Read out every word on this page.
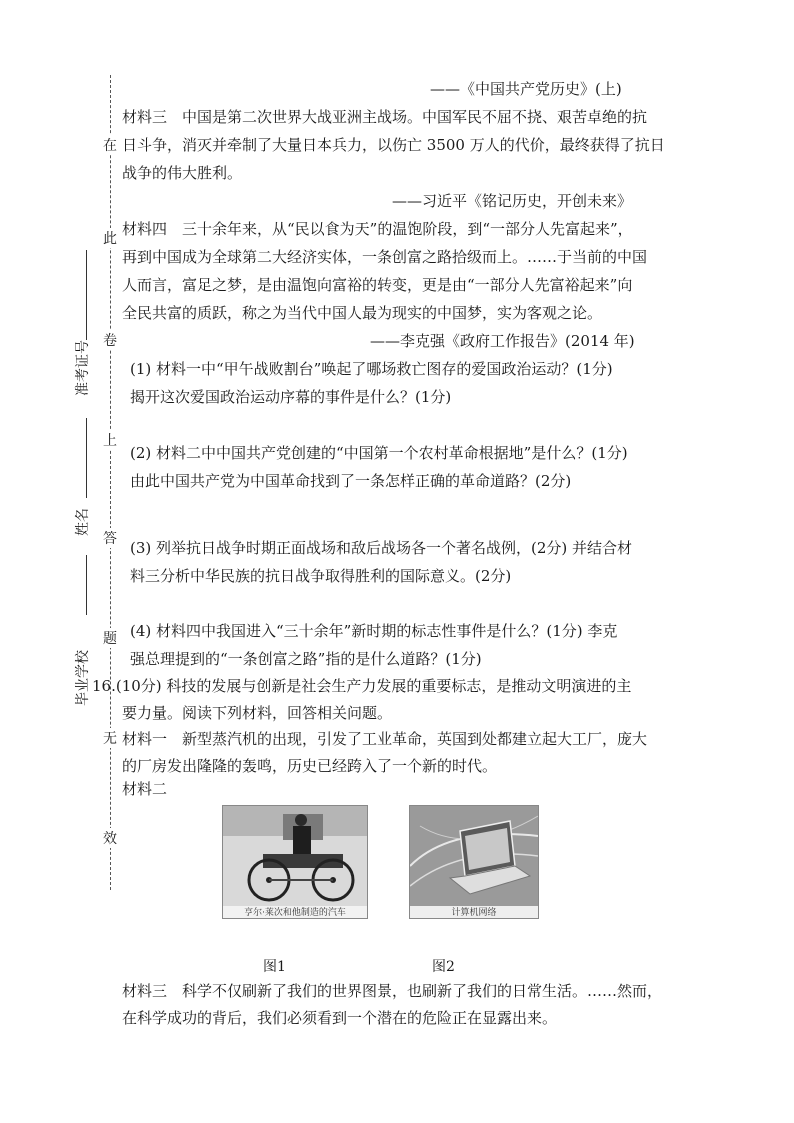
在
此
卷
上
答
题
无
效
准考证号
姓名
毕业学校
——《中国共产党历史》(上)
材料三　中国是第二次世界大战亚洲主战场。中国军民不屈不挠、艰苦卓绝的抗
日斗争，消灭并牵制了大量日本兵力，以伤亡 3500 万人的代价，最终获得了抗日
战争的伟大胜利。
——习近平《铭记历史，开创未来》
材料四　三十余年来，从“民以食为天”的温饱阶段，到“一部分人先富起来”，
再到中国成为全球第二大经济实体，一条创富之路拾级而上。……于当前的中国
人而言，富足之梦，是由温饱向富裕的转变，更是由“一部分人先富裕起来”向
全民共富的质跃，称之为当代中国人最为现实的中国梦，实为客观之论。
——李克强《政府工作报告》(2014 年)
(1) 材料一中“甲午战败割台”唤起了哪场救亡图存的爱国政治运动？(1分)
揭开这次爱国政治运动序幕的事件是什么？(1分)
(2) 材料二中中国共产党创建的“中国第一个农村革命根据地”是什么？(1分)
由此中国共产党为中国革命找到了一条怎样正确的革命道路？(2分)
(3) 列举抗日战争时期正面战场和敌后战场各一个著名战例，(2分) 并结合材
料三分析中华民族的抗日战争取得胜利的国际意义。(2分)
(4) 材料四中我国进入“三十余年”新时期的标志性事件是什么？(1分) 李克
强总理提到的“一条创富之路”指的是什么道路？(1分)
16.(10分) 科技的发展与创新是社会生产力发展的重要标志，是推动文明演进的主
要力量。阅读下列材料，回答相关问题。
材料一　新型蒸汽机的出现，引发了工业革命，英国到处都建立起大工厂，庞大
的厂房发出隆隆的轰鸣，历史已经跨入了一个新的时代。
材料二
亨尔·莱次和他制造的汽车	计算机网络
图1	图2
材料三　科学不仅刷新了我们的世界图景，也刷新了我们的日常生活。……然而，
在科学成功的背后，我们必须看到一个潜在的危险正在显露出来。
